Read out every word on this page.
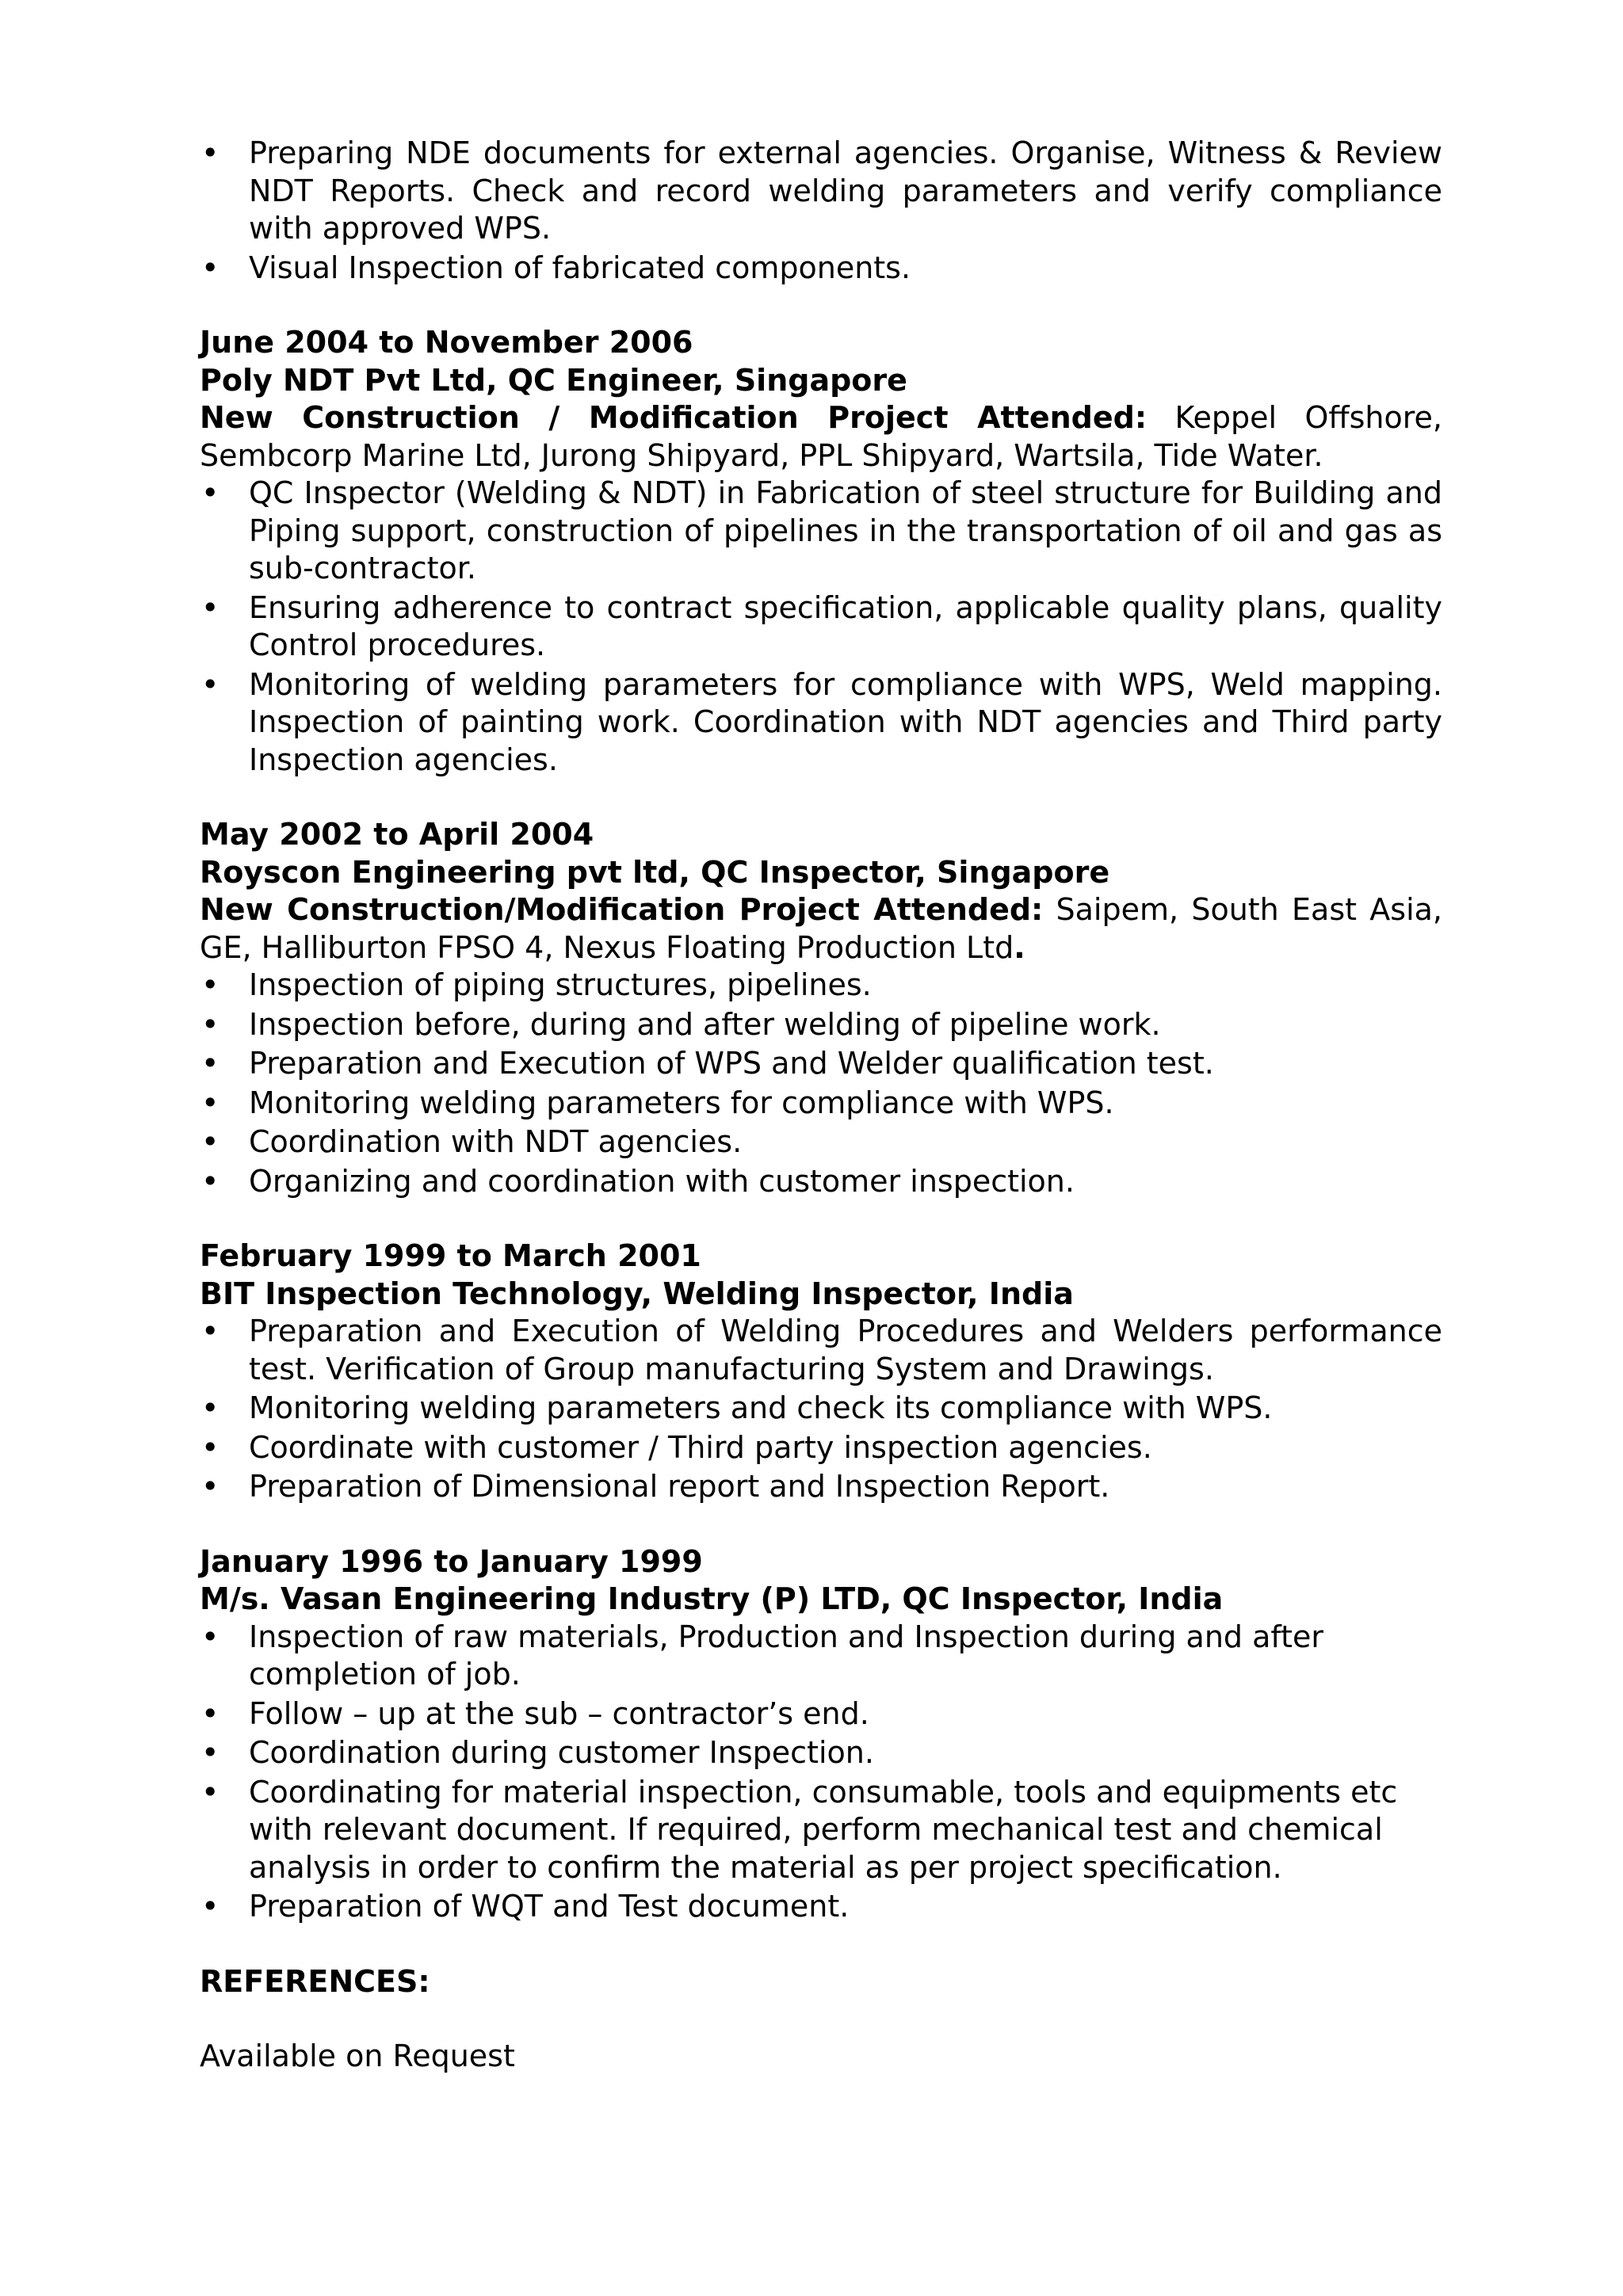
• Preparing NDE documents for external agencies. Organise, Witness & Review NDT Reports. Check and record welding parameters and verify compliance with approved WPS.
• Visual Inspection of fabricated components.
June 2004 to November 2006
Poly NDT Pvt Ltd, QC Engineer, Singapore
New Construction / Modification Project Attended: Keppel Offshore, Sembcorp Marine Ltd, Jurong Shipyard, PPL Shipyard, Wartsila, Tide Water.
• QC Inspector (Welding & NDT) in Fabrication of steel structure for Building and Piping support, construction of pipelines in the transportation of oil and gas as sub-contractor.
• Ensuring adherence to contract specification, applicable quality plans, quality Control procedures.
• Monitoring of welding parameters for compliance with WPS, Weld mapping. Inspection of painting work. Coordination with NDT agencies and Third party Inspection agencies.
May 2002 to April 2004
Royscon Engineering pvt ltd, QC Inspector, Singapore
New Construction/Modification Project Attended: Saipem, South East Asia, GE, Halliburton FPSO 4, Nexus Floating Production Ltd.
• Inspection of piping structures, pipelines.
• Inspection before, during and after welding of pipeline work.
• Preparation and Execution of WPS and Welder qualification test.
• Monitoring welding parameters for compliance with WPS.
• Coordination with NDT agencies.
• Organizing and coordination with customer inspection.
February 1999 to March 2001
BIT Inspection Technology, Welding Inspector, India
• Preparation and Execution of Welding Procedures and Welders performance test. Verification of Group manufacturing System and Drawings.
• Monitoring welding parameters and check its compliance with WPS.
• Coordinate with customer / Third party inspection agencies.
• Preparation of Dimensional report and Inspection Report.
January 1996 to January 1999
M/s. Vasan Engineering Industry (P) LTD, QC Inspector, India
• Inspection of raw materials, Production and Inspection during and after completion of job.
• Follow – up at the sub – contractor’s end.
• Coordination during customer Inspection.
• Coordinating for material inspection, consumable, tools and equipments etc with relevant document. If required, perform mechanical test and chemical analysis in order to confirm the material as per project specification.
• Preparation of WQT and Test document.
REFERENCES:
Available on Request
